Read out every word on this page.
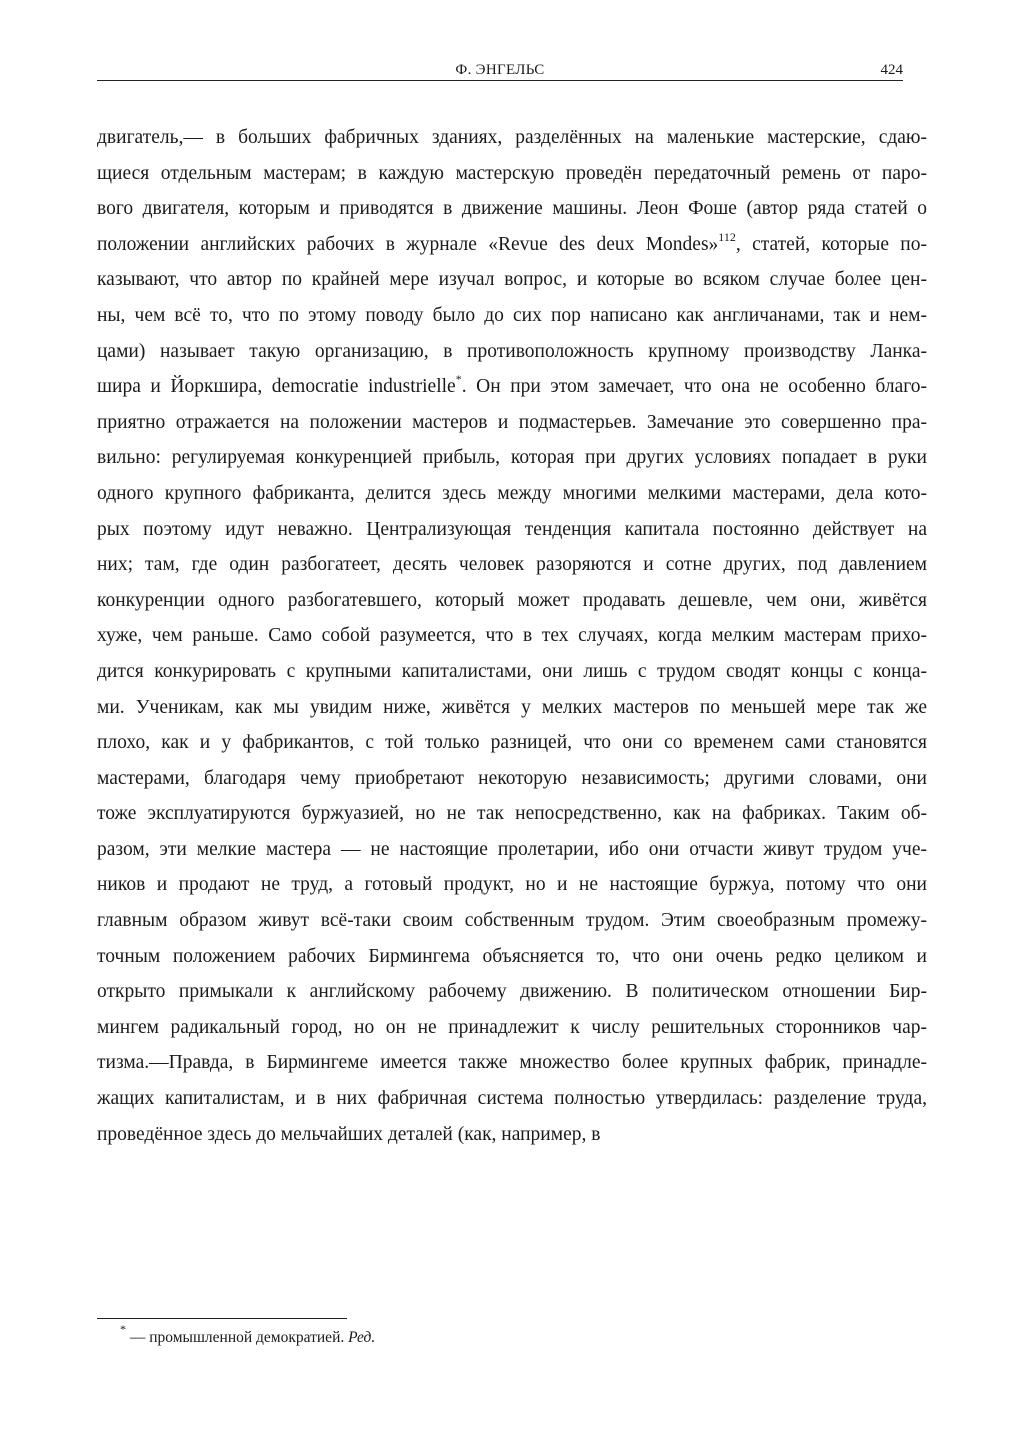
Ф. ЭНГЕЛЬС	424
двигатель,— в больших фабричных зданиях, разделённых на маленькие мастерские, сдаю-
щиеся отдельным мастерам; в каждую мастерскую проведён передаточный ремень от паро-
вого двигателя, которым и приводятся в движение машины. Леон Фоше (автор ряда статей о
положении английских рабочих в журнале «Revue des deux Mondes»$^{112}$, статей, которые по-
казывают, что автор по крайней мере изучал вопрос, и которые во всяком случае более цен-
ны, чем всё то, что по этому поводу было до сих пор написано как англичанами, так и нем-
цами) называет такую организацию, в противоположность крупному производству Ланка-
шира и Йоркшира, democratie industrielle*. Он при этом замечает, что она не особенно благо-
приятно отражается на положении мастеров и подмастерьев. Замечание это совершенно пра-
вильно: регулируемая конкуренцией прибыль, которая при других условиях попадает в руки
одного крупного фабриканта, делится здесь между многими мелкими мастерами, дела кото-
рых поэтому идут неважно. Централизующая тенденция капитала постоянно действует на
них; там, где один разбогатеет, десять человек разоряются и сотне других, под давлением
конкуренции одного разбогатевшего, который может продавать дешевле, чем они, живётся
хуже, чем раньше. Само собой разумеется, что в тех случаях, когда мелким мастерам прихо-
дится конкурировать с крупными капиталистами, они лишь с трудом сводят концы с конца-
ми. Ученикам, как мы увидим ниже, живётся у мелких мастеров по меньшей мере так же
плохо, как и у фабрикантов, с той только разницей, что они со временем сами становятся
мастерами, благодаря чему приобретают некоторую независимость; другими словами, они
тоже эксплуатируются буржуазией, но не так непосредственно, как на фабриках. Таким об-
разом, эти мелкие мастера — не настоящие пролетарии, ибо они отчасти живут трудом уче-
ников и продают не труд, а готовый продукт, но и не настоящие буржуа, потому что они
главным образом живут всё-таки своим собственным трудом. Этим своеобразным промежу-
точным положением рабочих Бирмингема объясняется то, что они очень редко целиком и
открыто примыкали к английскому рабочему движению. В политическом отношении Бир-
мингем радикальный город, но он не принадлежит к числу решительных сторонников чар-
тизма.—Правда, в Бирмингеме имеется также множество более крупных фабрик, принадле-
жащих капиталистам, и в них фабричная система полностью утвердилась: разделение труда,
проведённое здесь до мельчайших деталей (как, например, в
* — промышленной демократией. Ред.
